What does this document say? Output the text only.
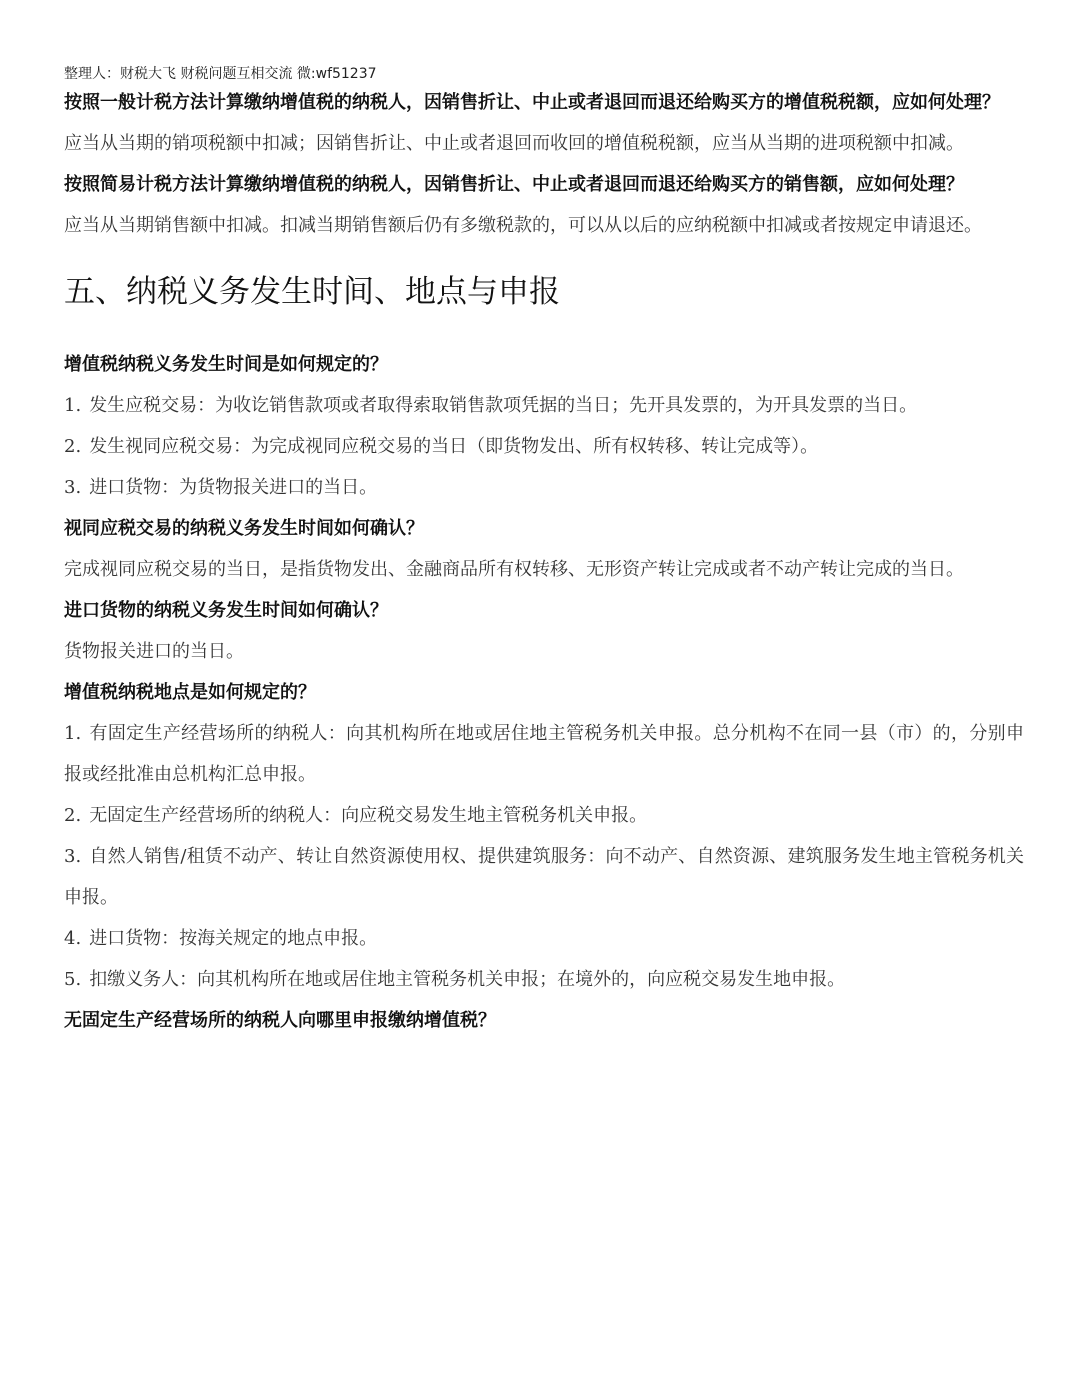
整理人：财税大飞 财税问题互相交流 微:wf51237

按照一般计税方法计算缴纳增值税的纳税人，因销售折让、中止或者退回而退还给购买方的增值税税额，应如何处理？

应当从当期的销项税额中扣减；因销售折让、中止或者退回而收回的增值税税额，应当从当期的进项税额中扣减。

按照简易计税方法计算缴纳增值税的纳税人，因销售折让、中止或者退回而退还给购买方的销售额，应如何处理？

应当从当期销售额中扣减。扣减当期销售额后仍有多缴税款的，可以从以后的应纳税额中扣减或者按规定申请退还。

五、纳税义务发生时间、地点与申报

增值税纳税义务发生时间是如何规定的？

1. 发生应税交易：为收讫销售款项或者取得索取销售款项凭据的当日；先开具发票的，为开具发票的当日。

2. 发生视同应税交易：为完成视同应税交易的当日（即货物发出、所有权转移、转让完成等）。

3. 进口货物：为货物报关进口的当日。

视同应税交易的纳税义务发生时间如何确认？

完成视同应税交易的当日，是指货物发出、金融商品所有权转移、无形资产转让完成或者不动产转让完成的当日。

进口货物的纳税义务发生时间如何确认？

货物报关进口的当日。

增值税纳税地点是如何规定的？

1. 有固定生产经营场所的纳税人：向其机构所在地或居住地主管税务机关申报。总分机构不在同一县（市）的，分别申报或经批准由总机构汇总申报。

2. 无固定生产经营场所的纳税人：向应税交易发生地主管税务机关申报。

3. 自然人销售/租赁不动产、转让自然资源使用权、提供建筑服务：向不动产、自然资源、建筑服务发生地主管税务机关申报。

4. 进口货物：按海关规定的地点申报。

5. 扣缴义务人：向其机构所在地或居住地主管税务机关申报；在境外的，向应税交易发生地申报。

无固定生产经营场所的纳税人向哪里申报缴纳增值税？
